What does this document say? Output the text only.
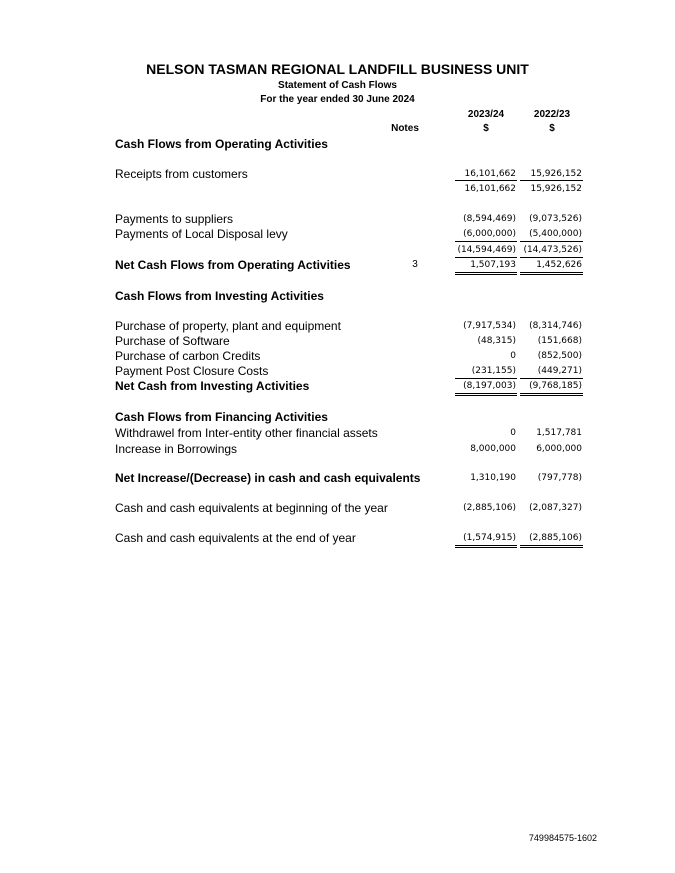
NELSON TASMAN REGIONAL LANDFILL BUSINESS UNIT
Statement of Cash Flows
For the year ended 30 June 2024
Notes
2023/24
$
2022/23
$
Cash Flows from Operating Activities
Receipts from customers	16,101,662	15,926,152
16,101,662	15,926,152
Payments to suppliers	(8,594,469)	(9,073,526)
Payments of Local Disposal levy	(6,000,000)	(5,400,000)
(14,594,469) (14,473,526)
Net Cash Flows from Operating Activities	3	1,507,193	1,452,626
Cash Flows from Investing Activities
Purchase of property, plant and equipment	(7,917,534)	(8,314,746)
Purchase of Software	(48,315)	(151,668)
Purchase of carbon Credits	0	(852,500)
Payment Post Closure Costs	(231,155)	(449,271)
Net Cash from Investing Activities	(8,197,003)	(9,768,185)
Cash Flows from Financing Activities
Withdrawel from Inter-entity other financial assets	0	1,517,781
Increase in Borrowings	8,000,000	6,000,000
Net Increase/(Decrease) in cash and cash equivalents	1,310,190	(797,778)
Cash and cash equivalents at beginning of the year	(2,885,106)	(2,087,327)
Cash and cash equivalents at the end of year	(1,574,915)	(2,885,106)
749984575-1602
